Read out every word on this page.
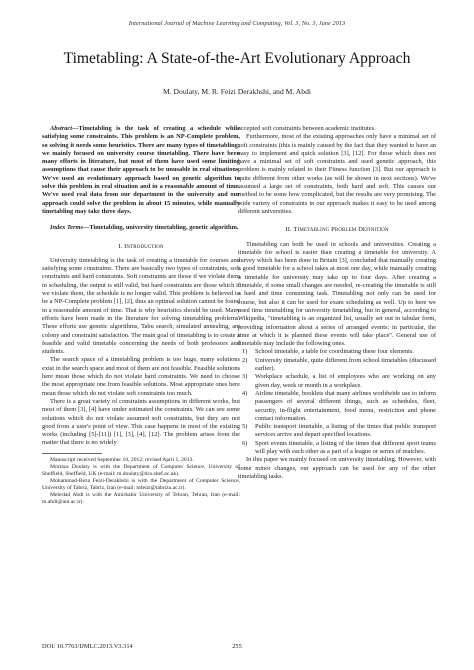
International Journal of Machine Learning and Computing, Vol. 3, No. 3, June 2013
Timetabling: A State-of-the-Art Evolutionary Approach
M. Doulaty, M. R. Feizi Derakhshi, and M. Abdi

Abstract—Timetabling is the task of creating a schedule while satisfying some constraints. This problem is an NP-Complete problem, so solving it needs some heuristics. There are many types of timetabling; we mainly focused on university course timetabling. There have been many efforts in literature, but most of them have used some limiting assumptions that cause their approach to be unusable in real situations. We've used an evolutionary approach based on genetic algorithm to solve this problem in real situation and in a reasonable amount of time. We've used real data from our department in the university and our approach could solve the problem in about 15 minutes, while manually timetabling may take three days.

Index Terms—Timetabling, university timetabling, genetic algorithm.

I. Introduction

University timetabling is the task of creating a timetable for courses and satisfying some constraints. There are basically two types of constraints, soft constraints and hard constraints. Soft constraints are those if we violate them in scheduling, the output is still valid, but hard constraints are those which if we violate them, the schedule is no longer valid. This problem is believed to be a NP-Complete problem [1], [2], thus an optimal solution cannot be found in a reasonable amount of time. That is why heuristics should be used. Many efforts have been made in the literature for solving timetabling problems. These efforts use genetic algorithms, Tabu search, simulated annealing, ant colony and constraint satisfaction. The main goal of timetabling is to create a feasible and valid timetable concerning the needs of both professors and students.

The search space of a timetabling problem is too huge, many solutions exist in the search space and most of them are not feasible. Feasible solutions here mean those which do not violate hard constraints. We need to choose the most appropriate one from feasible solutions. Most appropriate ones here mean those which do not violate soft constraints too much.

There is a great variety of constraints assumptions in different works, but most of them [3], [4] have under estimated the constraints. We can see some solutions which do not violate assumed soft constraints, but they are not good from a user's point of view. This case happens in most of the existing works (including [5]-[11]) [1], [3], [4], [12]. The problem arises from the matter that there is no widely

Manuscript received September 10, 2012; revised April 1, 2013.

Mortaza Doulaty is with the Department of Computer Science, University of Sheffield, Sheffield, UK (e-mail: m.doulaty@dcs.shef.ac.uk).

Mohammad-Reza Feizi-Derakhshi is with the Department of Computer Science, University of Tabriz, Tabriz, Iran (e-mail: mfeizi@tabrizu.ac.ir).

Mehrdad Abdi is with the Amirkabir University of Tehran, Tehran, Iran (e-mail: m.abdi@aut.ac.ir).

accepted soft constraints between academic institutes.

Furthermore, most of the existing approaches only have a minimal set of soft constraints (this is mainly caused by the fact that they wanted to have an easy to implement and quick solution [3], [12]. For those which does not have a minimal set of soft constraints and used genetic approach, this problem is mainly related to their Fitness function [3]. But our approach is quite different from other works (as will be shown in next sections). We've assumed a large set of constraints, both hard and soft. This causes our method to be some how complicated, but the results are very promising. The wide variety of constraints in our approach makes it easy to be used among different universities.

II. Timetabling Problem Definition

Timetabling can both be used in schools and universities. Creating a timetable for school is easier than creating a timetable for university. A survey which has been done in Britain [3], concluded that manually creating a good timetable for a school takes at most one day, while manually creating a timetable for university may take up to four days. After creating a timetable, if some small changes are needed, re-creating the timetable is still a hard and time consuming task. Timetabling not only can be used for course, but also it can be used for exam scheduling as well. Up to here we used time timetabling for university timetabling, but in general, according to Wikipedia, "timetabling is an organized list, usually set out in tabular form, providing information about a series of arranged events: in particular, the time at which it is planned these events will take place". General use of timetable may include the following ones.

1) School timetable, a table for coordinating these four elements.
2) University timetable, quite different from school timetables (discussed earlier).
3) Workplace schedule, a list of employees who are working on any given day, week or month in a workplace.
4) Airline timetable, booklets that many airlines worldwide use to inform passengers of several different things, such as schedules, fleet, security, in-flight entertainment, food menu, restriction and phone contact information.
5) Public transport timetable, a listing of the times that public transport services arrive and depart specified locations.
6) Sport events timetable, a listing of the times that different sport teams will play with each other as a part of a league or series of matches.

In this paper we mainly focused on university timetabling. However, with some minor changes, our approach can be used for any of the other timetabling tasks.

DOI: 10.7763/IJMLC.2013.V3.314	255
